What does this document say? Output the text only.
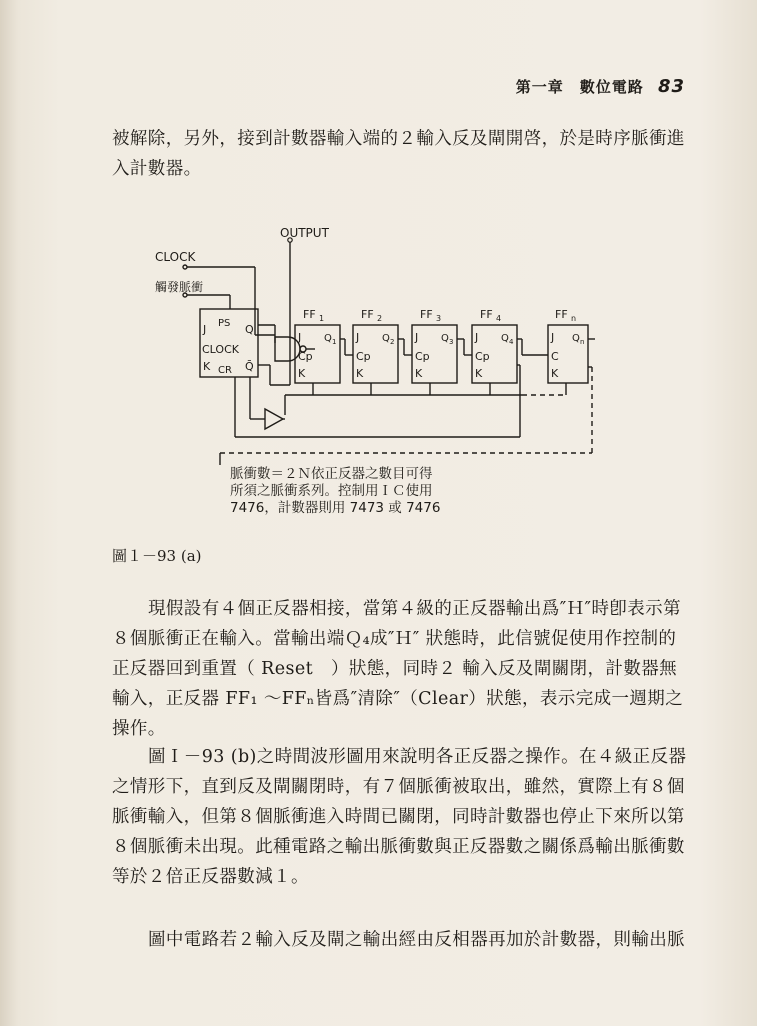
第一章　數位電路 83
被解除，另外，接到計數器輸入端的２輸入反及閘開啓，於是時序脈衝進入計數器。
OUTPUT
CLOCK
觸發脈衝
J PS Q
CLOCK
K CR Q̄
FF 1
J Q 1
Cp
K
FF 2
J Q 2
Cp
K
FF 3
J Q 3
Cp
K
FF 4
J Q 4
Cp
K
FF n
J Q n
C
K
脈衝數＝２Ｎ依正反器之數目可得
所須之脈衝系列。控制用ＩＣ使用
7476，計數器則用 7473 或 7476
圖１－93 (a)
現假設有４個正反器相接，當第４級的正反器輸出爲″Ｈ″時卽表示第８個脈衝正在輸入。當輸出端Ｑ₄成″Ｈ″ 狀態時，此信號促使用作控制的正反器回到重置（ Reset　）狀態，同時２ 輸入反及閘關閉，計數器無輸入，正反器 FF₁ ～FFₙ皆爲″清除″（Clear）狀態，表示完成一週期之操作。
圖Ｉ－93 (b)之時間波形圖用來說明各正反器之操作。在４級正反器之情形下，直到反及閘關閉時，有７個脈衝被取出，雖然，實際上有８個脈衝輸入，但第８個脈衝進入時間已關閉，同時計數器也停止下來所以第８個脈衝未出現。此種電路之輸出脈衝數與正反器數之關係爲輸出脈衝數等於２倍正反器數減１。
圖中電路若２輸入反及閘之輸出經由反相器再加於計數器，則輸出脈
